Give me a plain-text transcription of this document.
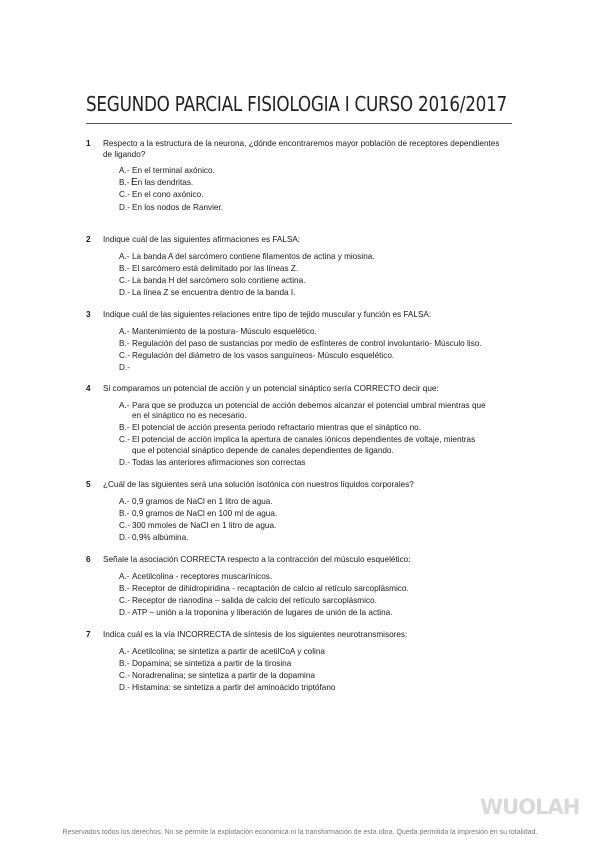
SEGUNDO PARCIAL FISIOLOGIA I CURSO 2016/2017
1 Respecto a la estructura de la neurona, ¿dónde encontraremos mayor población de receptores dependientes de ligando?
A.- En el terminal axónico.
B.- En las dendritas.
C.- En el cono axónico.
D.- En los nodos de Ranvier.
2 Indique cuál de las siguientes afirmaciones es FALSA:
A.- La banda A del sarcómero contiene filamentos de actina y miosina.
B.- El sarcómero está delimitado por las líneas Z.
C.- La banda H del sarcómero solo contiene actina.
D.- La línea Z se encuentra dentro de la banda I.
3 Indique cuál de las siguientes relaciones entre tipo de tejido muscular y función es FALSA:
A.- Mantenimiento de la postura- Músculo esquelético.
B.- Regulación del paso de sustancias por medio de esfínteres de control involuntario- Músculo liso.
C.- Regulación del diámetro de los vasos sanguíneos- Músculo esquelético.
D.-
4 Si comparamos un potencial de acción y un potencial sináptico sería CORRECTO decir que:
A.- Para que se produzca un potencial de acción debemos alcanzar el potencial umbral mientras que en el sináptico no es necesario.
B.- El potencial de acción presenta periodo refractario mientras que el sináptico no.
C.- El potencial de acción implica la apertura de canales iónicos dependientes de voltaje, mientras que el potencial sináptico depende de canales dependientes de ligando.
D.- Todas las anteriores afirmaciones son correctas
5 ¿Cuál de las siguientes será una solución isotónica con nuestros líquidos corporales?
A.- 0,9 gramos de NaCl en 1 litro de agua.
B.- 0,9 gramos de NaCl en 100 ml de agua.
C.- 300 mmoles de NaCl en 1 litro de agua.
D.- 0,9% albúmina.
6 Señale la asociación CORRECTA respecto a la contracción del músculo esquelético:
A.- Acetilcolina - receptores muscarínicos.
B.- Receptor de dihidropiridina - recaptación de calcio al retículo sarcoplásmico.
C.- Receptor de rianodina – salida de calcio del retículo sarcoplásmico.
D.- ATP – unión a la troponina y liberación de lugares de unión de la actina.
7 Indica cuál es la vía INCORRECTA de síntesis de los siguientes neurotransmisores:
A.- Acetilcolina; se sintetiza a partir de acetilCoA y colina
B.- Dopamina; se sintetiza a partir de la tirosina
C.- Noradrenalina; se sintetiza a partir de la dopamina
D.- Histamina: se sintetiza a partir del aminoácido triptófano
WUOLAH
Reservados todos los derechos. No se permite la explotación económica ni la transformación de esta obra. Queda permitida la impresión en su totalidad.
